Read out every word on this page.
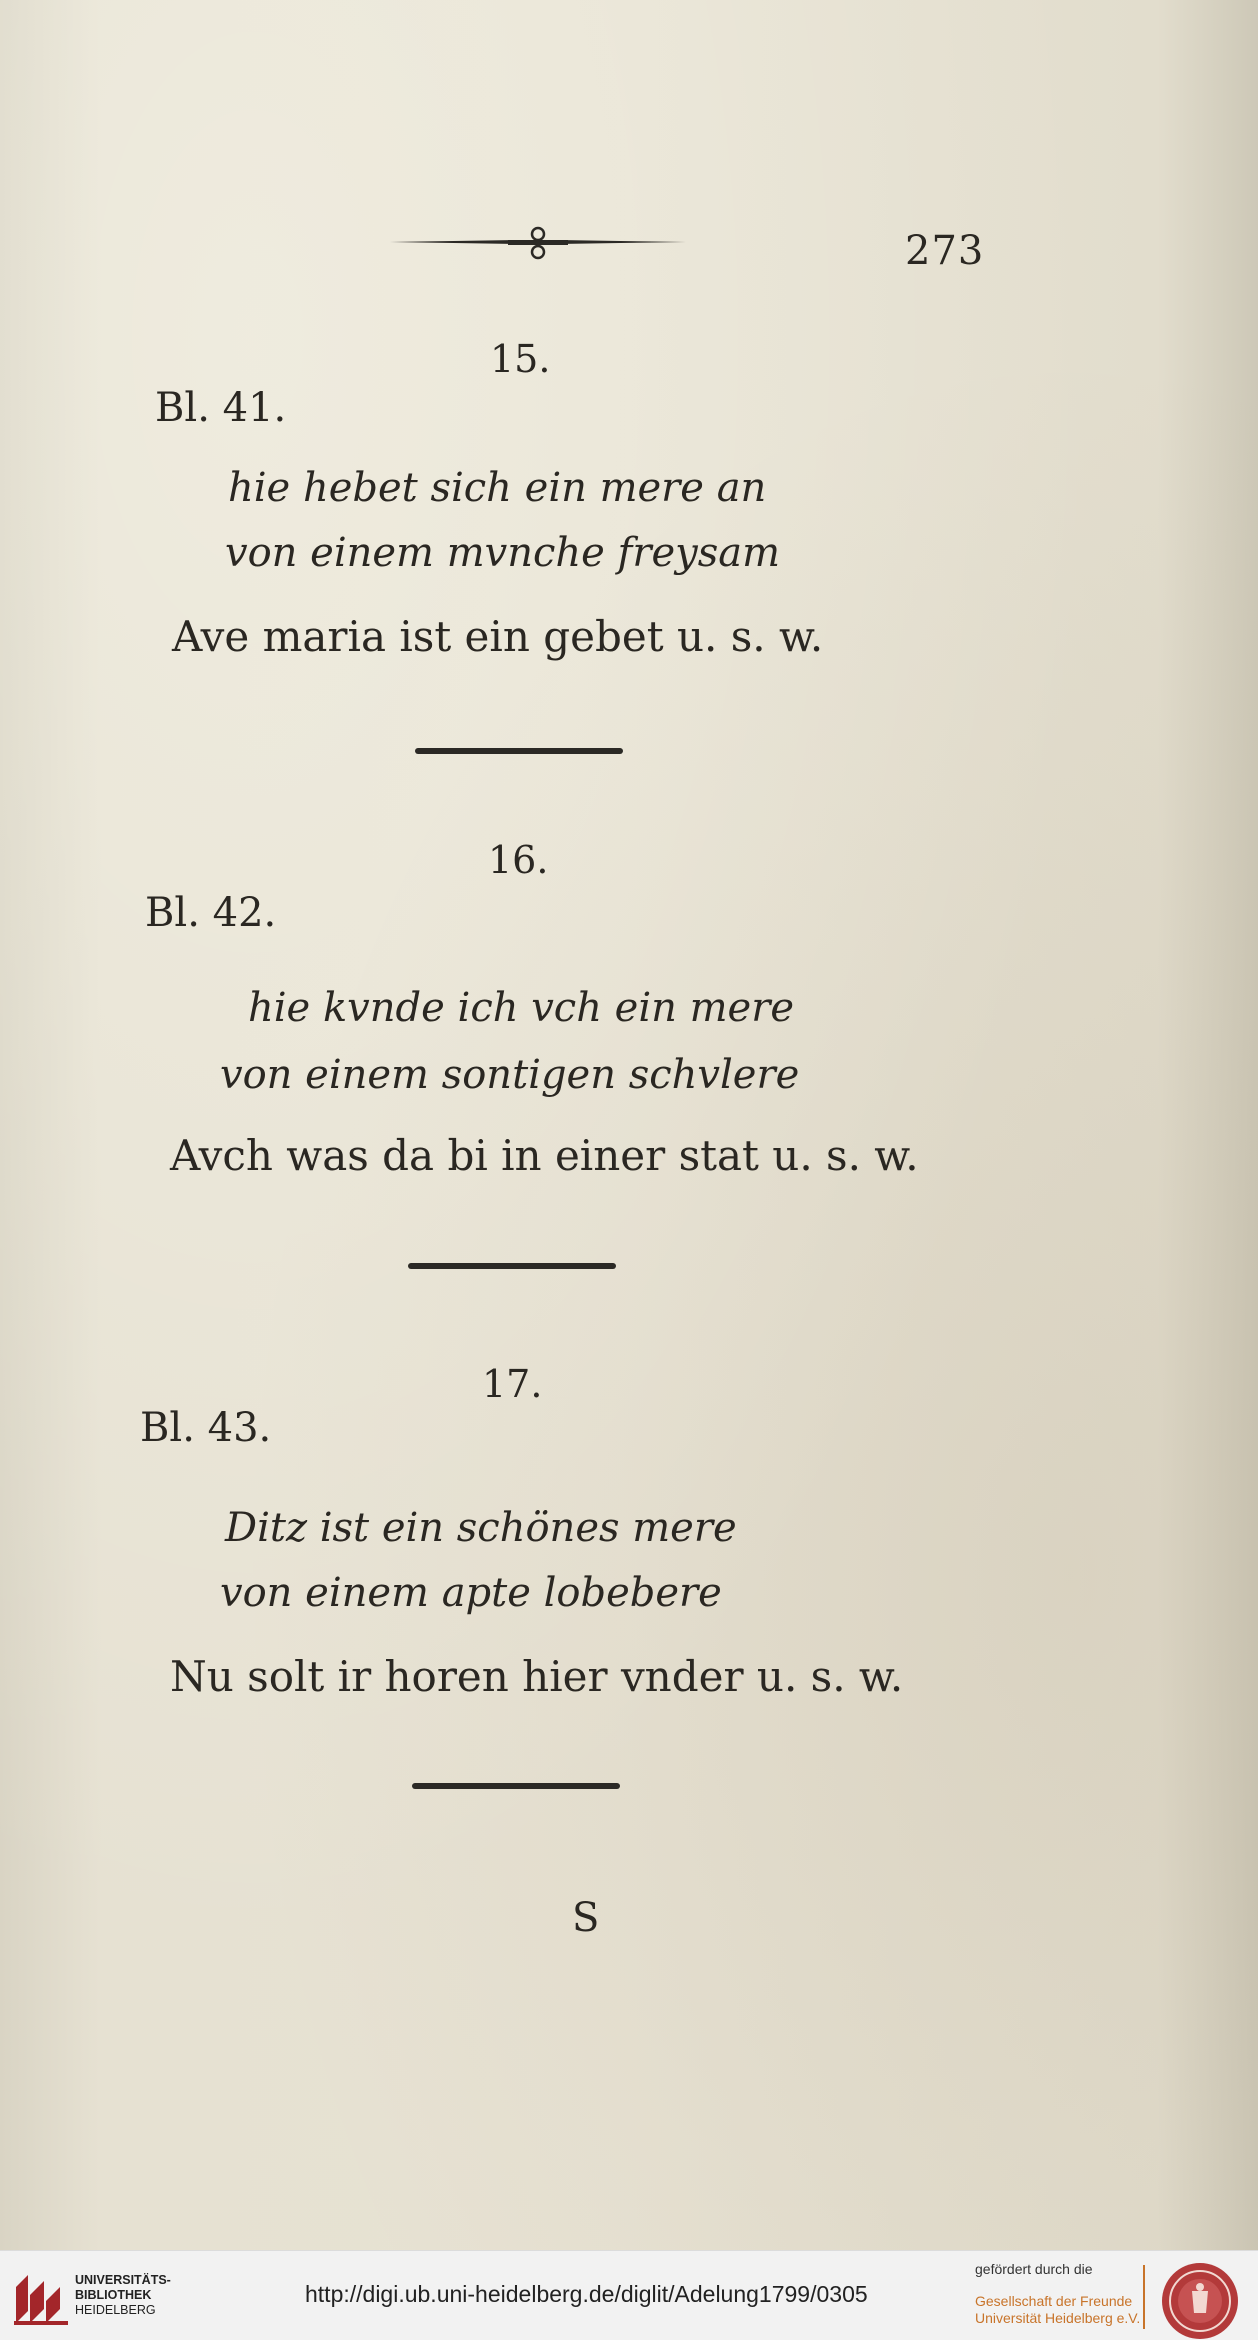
273
15.
Bl. 41.
hie hebet sich ein mere an
von einem mvnche freysam
Ave maria ist ein gebet u. s. w.
16.
Bl. 42.
hie kvnde ich vch ein mere
von einem sontigen schvlere
Avch was da bi in einer stat u. s. w.
17.
Bl. 43.
Ditz ist ein schönes mere
von einem apte lobebere
Nu solt ir horen hier vnder u. s. w.
S
UNIVERSITÄTS-
BIBLIOTHEK
HEIDELBERG
http://digi.ub.uni-heidelberg.de/diglit/Adelung1799/0305
gefördert durch die
Gesellschaft der Freunde
Universität Heidelberg e.V.
